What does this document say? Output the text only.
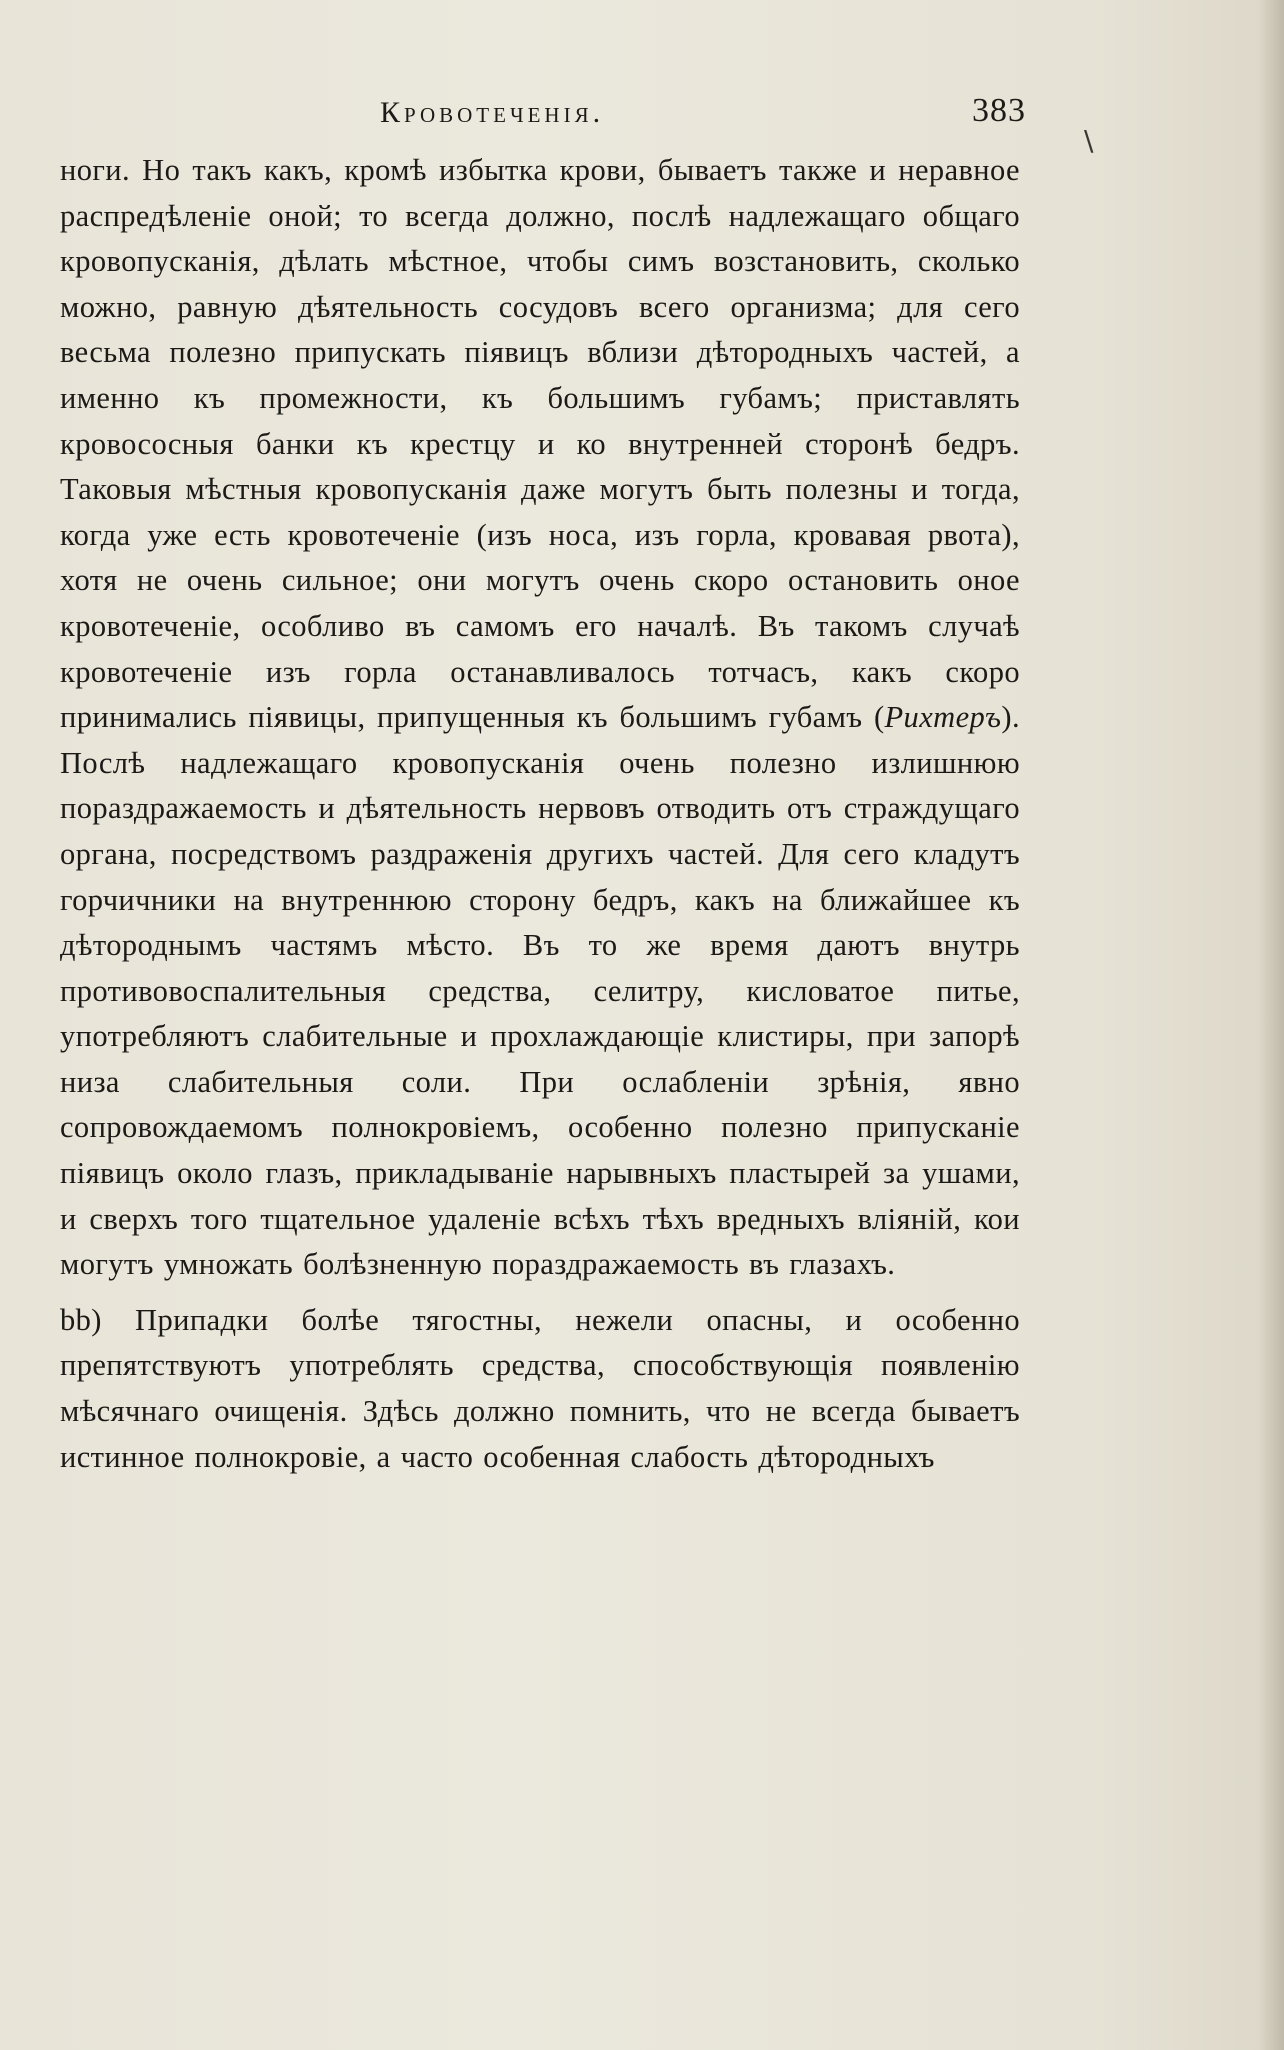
\
Кровотеченія.	383

ноги. Но такъ какъ, кромѣ избытка крови, бываетъ также и неравное распредѣленіе оной; то всегда должно, послѣ надлежащаго общаго кровопусканія, дѣлать мѣстное, чтобы симъ возстановить, сколько можно, равную дѣятельность сосудовъ всего организма; для сего весьма полезно припускать піявицъ вблизи дѣтородныхъ частей, а именно къ промежности, къ большимъ губамъ; приставлять кровососныя банки къ крестцу и ко внутренней сторонѣ бедръ. Таковыя мѣстныя кровопусканія даже могутъ быть полезны и тогда, когда уже есть кровотеченіе (изъ носа, изъ горла, кровавая рвота), хотя не очень сильное; они могутъ очень скоро остановить оное кровотеченіе, особливо въ самомъ его началѣ. Въ такомъ случаѣ кровотеченіе изъ горла останавливалось тотчасъ, какъ скоро принимались піявицы, припущенныя къ большимъ губамъ (Рихтеръ). Послѣ надлежащаго кровопусканія очень полезно излишнюю пораздражаемость и дѣятельность нервовъ отводить отъ страждущаго органа, посредствомъ раздраженія другихъ частей. Для сего кладутъ горчичники на внутреннюю сторону бедръ, какъ на ближайшее къ дѣтороднымъ частямъ мѣсто. Въ то же время даютъ внутрь противовоспалительныя средства, селитру, кисловатое питье, употребляютъ слабительные и прохлаждающіе клистиры, при запорѣ низа слабительныя соли. При ослабленіи зрѣнія, явно сопровождаемомъ полнокровіемъ, особенно полезно припусканіе піявицъ около глазъ, прикладываніе нарывныхъ пластырей за ушами, и сверхъ того тщательное удаленіе всѣхъ тѣхъ вредныхъ вліяній, кои могутъ умножать болѣзненную пораздражаемость въ глазахъ.

bb) Припадки болѣе тягостны, нежели опасны, и особенно препятствуютъ употреблять средства, способствующія появленію мѣсячнаго очищенія. Здѣсь должно помнить, что не всегда бываетъ истинное полнокровіе, а часто особенная слабость дѣтородныхъ
